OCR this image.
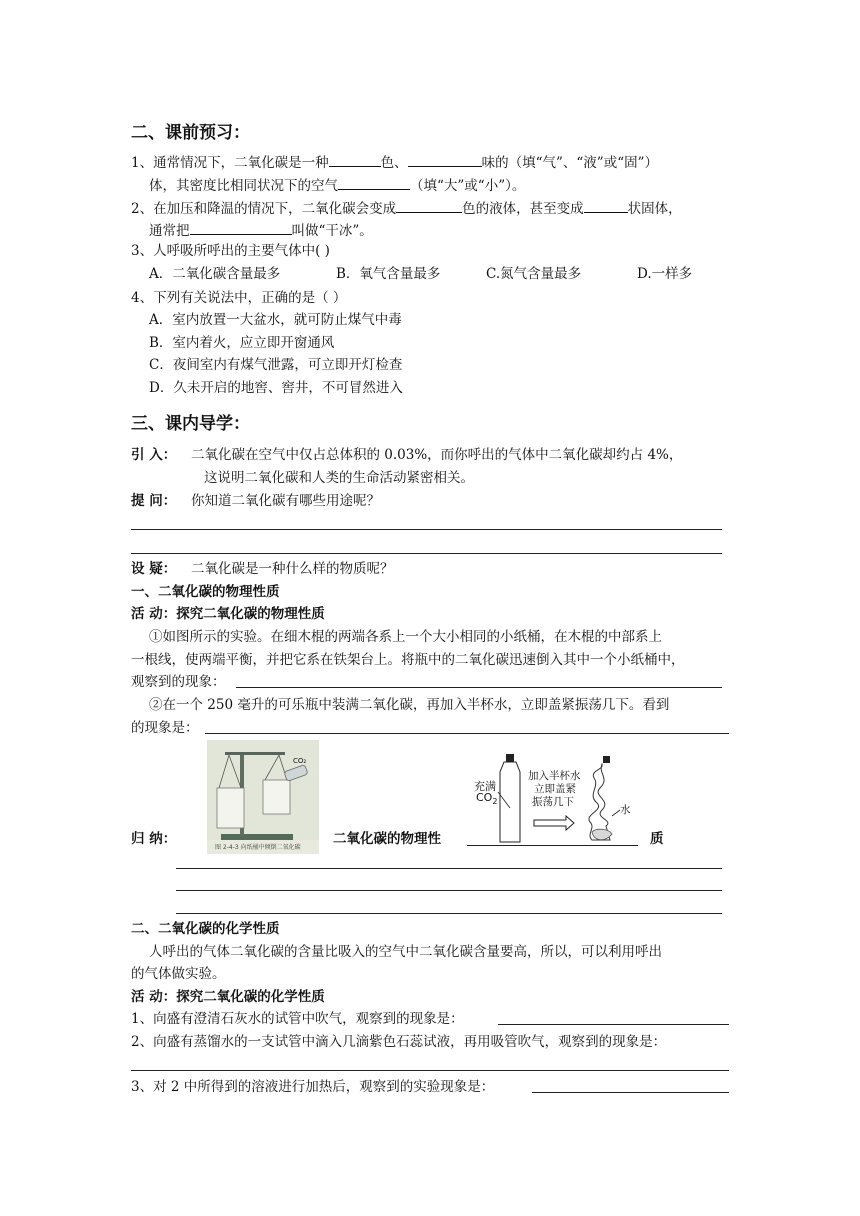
二、课前预习：
1、通常情况下，二氧化碳是一种	色、	味的（填“气”、“液”或“固”）
体，其密度比相同状况下的空气	（填“大”或“小”）。
2、在加压和降温的情况下，二氧化碳会变成	色的液体，甚至变成	状固体，
通常把	叫做“干冰”。
3、人呼吸所呼出的主要气体中( )
A．二氧化碳含量最多	B．氧气含量最多	C.氮气含量最多	D.一样多
4、下列有关说法中，正确的是（ ）
A．室内放置一大盆水，就可防止煤气中毒
B．室内着火，应立即开窗通风
C．夜间室内有煤气泄露，可立即开灯检查
D．久未开启的地窖、窖井，不可冒然进入
三、课内导学：
引 入： 二氧化碳在空气中仅占总体积的 0.03%，而你呼出的气体中二氧化碳却约占 4%，
这说明二氧化碳和人类的生命活动紧密相关。
提 问： 你知道二氧化碳有哪些用途呢？
设 疑： 二氧化碳是一种什么样的物质呢？
一、二氧化碳的物理性质
活 动：探究二氧化碳的物理性质
①如图所示的实验。在细木棍的两端各系上一个大小相同的小纸桶，在木棍的中部系上
一根线，使两端平衡，并把它系在铁架台上。将瓶中的二氧化碳迅速倒入其中一个小纸桶中，
观察到的现象：
②在一个 250 毫升的可乐瓶中装满二氧化碳，再加入半杯水，立即盖紧振荡几下。看到
的现象是：
CO₂
图 2-4-3 向纸桶中倾倒二氧化碳
充满
$CO_2$
加入半杯水
立即盖紧
振荡几下
水
归 纳：	二氧化碳的物理性	质
二、二氧化碳的化学性质
人呼出的气体二氧化碳的含量比吸入的空气中二氧化碳含量要高，所以，可以利用呼出
的气体做实验。
活 动：探究二氧化碳的化学性质
1、向盛有澄清石灰水的试管中吹气，观察到的现象是：
2、向盛有蒸馏水的一支试管中滴入几滴紫色石蕊试液，再用吸管吹气，观察到的现象是：
3、对 2 中所得到的溶液进行加热后，观察到的实验现象是：
